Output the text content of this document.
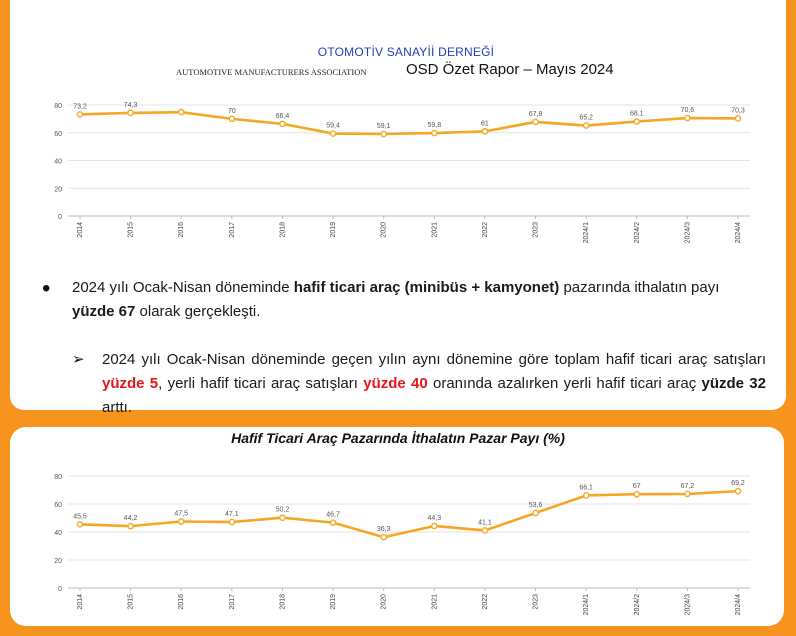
OTOMOTİV SANAYİİ DERNEĞİ
AUTOMOTIVE MANUFACTURERS ASSOCIATION	OSD Özet Rapor – Mayıs 2024
0
20
40
60
80
2014	2015	2016	2017	2018	2019	2020	2021	2022	2023	2024/1	2024/2	2024/3	2024/4
73,2	74,3
70
66,4
59,4	59,1	59,8	61
67,8
65,2
68,1	70,6	70,3
• 2024 yılı Ocak-Nisan döneminde hafif ticari araç (minibüs + kamyonet) pazarında ithalatın payı yüzde 67 olarak gerçekleşti.
➢ 2024 yılı Ocak-Nisan döneminde geçen yılın aynı dönemine göre toplam hafif ticari araç satışları yüzde 5, yerli hafif ticari araç satışları yüzde 40 oranında azalırken yerli hafif ticari araç yüzde 32 arttı.
Hafif Ticari Araç Pazarında İthalatın Pazar Payı (%)
0
20
40
60
80
2014	2015	2016	2017	2018	2019	2020	2021	2022	2023	2024/1	2024/2	2024/3	2024/4
45,5	44,2
47,5	47,1
50,2
46,7
36,3
44,3
41,1
53,6
66,1	67	67,2	69,2
